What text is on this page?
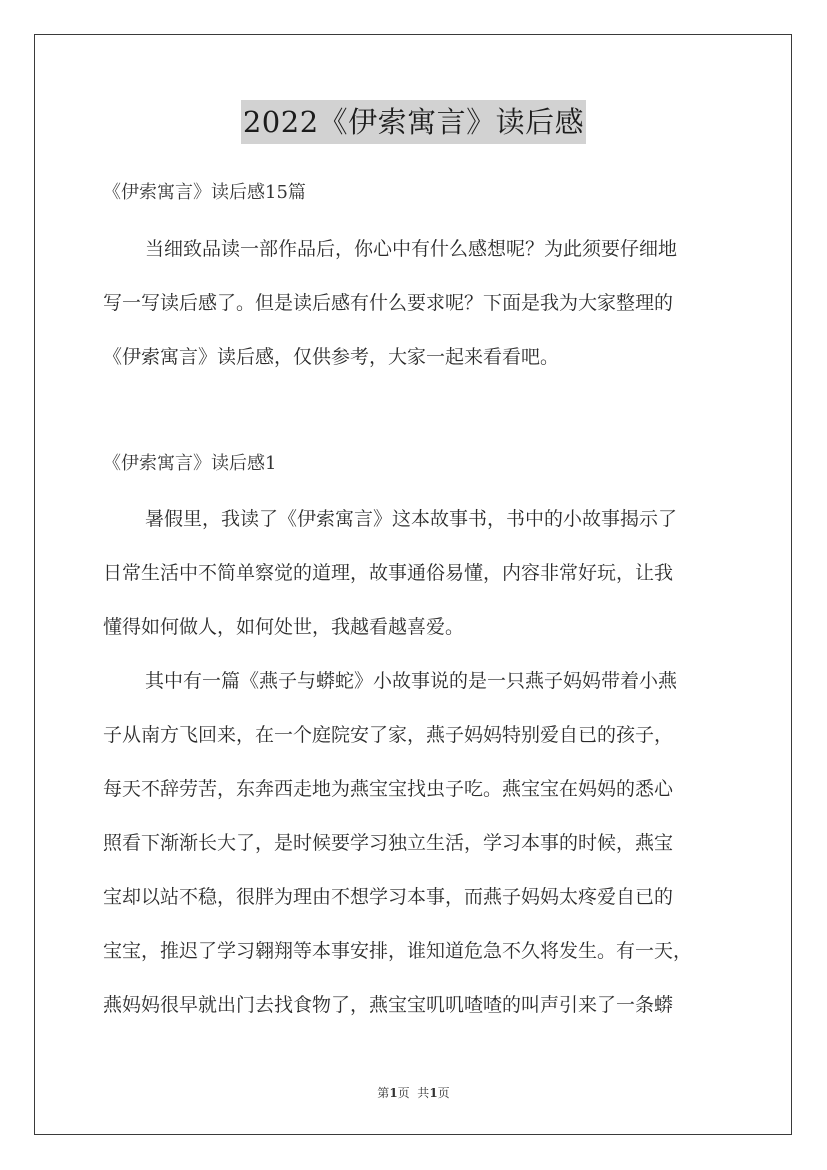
2022《伊索寓言》读后感
《伊索寓言》读后感15篇
当细致品读一部作品后，你心中有什么感想呢？为此须要仔细地
写一写读后感了。但是读后感有什么要求呢？下面是我为大家整理的
《伊索寓言》读后感，仅供参考，大家一起来看看吧。
《伊索寓言》读后感1
暑假里，我读了《伊索寓言》这本故事书，书中的小故事揭示了
日常生活中不简单察觉的道理，故事通俗易懂，内容非常好玩，让我
懂得如何做人，如何处世，我越看越喜爱。
其中有一篇《燕子与蟒蛇》小故事说的是一只燕子妈妈带着小燕
子从南方飞回来，在一个庭院安了家，燕子妈妈特别爱自已的孩子，
每天不辞劳苦，东奔西走地为燕宝宝找虫子吃。燕宝宝在妈妈的悉心
照看下渐渐长大了，是时候要学习独立生活，学习本事的时候，燕宝
宝却以站不稳，很胖为理由不想学习本事，而燕子妈妈太疼爱自已的
宝宝，推迟了学习翱翔等本事安排，谁知道危急不久将发生。有一天，
燕妈妈很早就出门去找食物了，燕宝宝叽叽喳喳的叫声引来了一条蟒
第1页  共1页
